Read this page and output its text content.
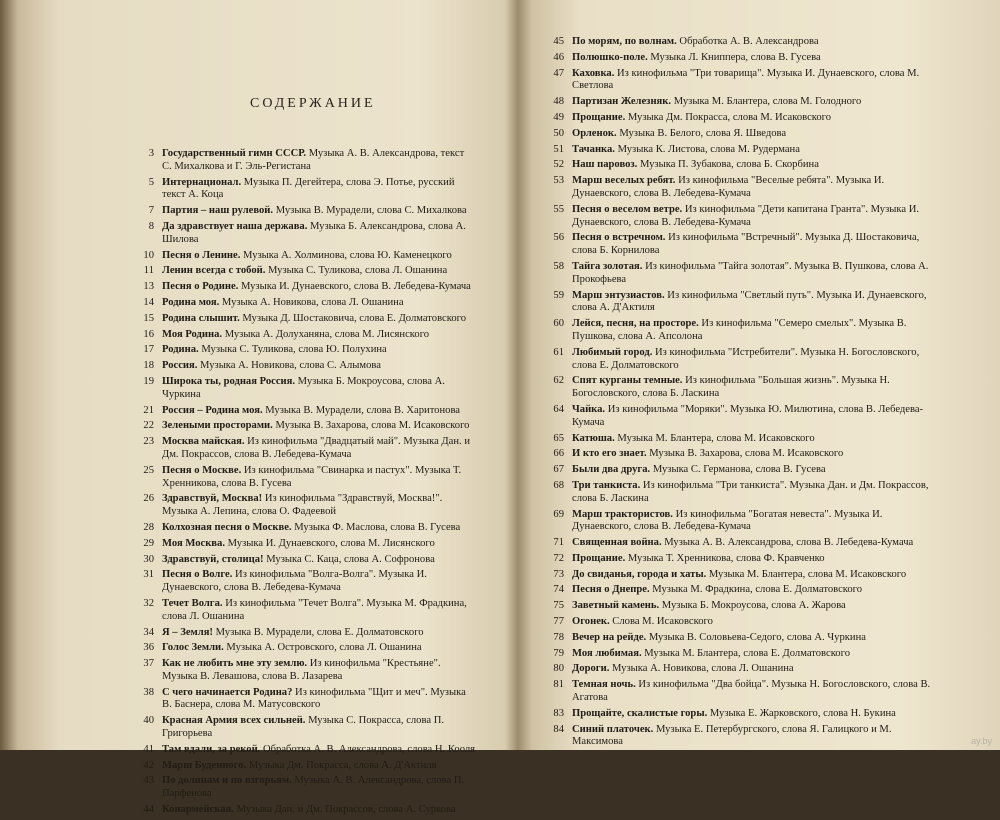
СОДЕРЖАНИЕ
3 Государственный гимн СССР. Музыка А. В. Александрова, текст С. Михалкова и Г. Эль-Регистана
5 Интернационал. Музыка П. Дегейтера, слова Э. Потье, русский текст А. Коца
7 Партия – наш рулевой. Музыка В. Мурадели, слова С. Михалкова
8 Да здравствует наша держава. Музыка Б. Александрова, слова А. Шилова
10 Песня о Ленине. Музыка А. Холминова, слова Ю. Каменецкого
11 Ленин всегда с тобой. Музыка С. Туликова, слова Л. Ошанина
13 Песня о Родине. Музыка И. Дунаевского, слова В. Лебедева-Кумача
14 Родина моя. Музыка А. Новикова, слова Л. Ошанина
15 Родина слышит. Музыка Д. Шостаковича, слова Е. Долматовского
16 Моя Родина. Музыка А. Долуханяна, слова М. Лисянского
17 Родина. Музыка С. Туликова, слова Ю. Полухина
18 Россия. Музыка А. Новикова, слова С. Алымова
19 Широка ты, родная Россия. Музыка Б. Мокроусова, слова А. Чуркина
21 Россия – Родина моя. Музыка В. Мурадели, слова В. Харитонова
22 Зелеными просторами. Музыка В. Захарова, слова М. Исаковского
23 Москва майская. Из кинофильма "Двадцатый май". Музыка Дан. и Дм. Покрассов, слова В. Лебедева-Кумача
25 Песня о Москве. Из кинофильма "Свинарка и пастух". Музыка Т. Хренникова, слова В. Гусева
26 Здравствуй, Москва! Из кинофильма "Здравствуй, Москва!". Музыка А. Лепина, слова О. Фадеевой
28 Колхозная песня о Москве. Музыка Ф. Маслова, слова В. Гусева
29 Моя Москва. Музыка И. Дунаевского, слова М. Лисянского
30 Здравствуй, столица! Музыка С. Каца, слова А. Софронова
31 Песня о Волге. Из кинофильма "Волга-Волга". Музыка И. Дунаевского, слова В. Лебедева-Кумача
32 Течет Волга. Из кинофильма "Течет Волга". Музыка М. Фрадкина, слова Л. Ошанина
34 Я – Земля! Музыка В. Мурадели, слова Е. Долматовского
36 Голос Земли. Музыка А. Островского, слова Л. Ошанина
37 Как не любить мне эту землю. Из кинофильма "Крестьяне". Музыка В. Левашова, слова В. Лазарева
38 С чего начинается Родина? Из кинофильма "Щит и меч". Музыка В. Баснера, слова М. Матусовского
40 Красная Армия всех сильней. Музыка С. Покрасса, слова П. Григорьева
41 Там вдали, за рекой. Обработка А. В. Александрова, слова Н. Кооля
42 Марш Буденного. Музыка Дм. Покрасса, слова А. Д'Актиля
43 По долинам и по взгорьям. Музыка А. В. Александрова, слова П. Парфенова
44 Конармейская. Музыка Дан. и Дм. Покрассов, слова А. Суркова
45 По морям, по волнам. Обработка А. В. Александрова
46 Полюшко-поле. Музыка Л. Книппера, слова В. Гусева
47 Каховка. Из кинофильма "Три товарища". Музыка И. Дунаевского, слова М. Светлова
48 Партизан Железняк. Музыка М. Блантера, слова М. Голодного
49 Прощание. Музыка Дм. Покрасса, слова М. Исаковского
50 Орленок. Музыка В. Белого, слова Я. Шведова
51 Тачанка. Музыка К. Листова, слова М. Рудермана
52 Наш паровоз. Музыка П. Зубакова, слова Б. Скорбина
53 Марш веселых ребят. Из кинофильма "Веселые ребята". Музыка И. Дунаевского, слова В. Лебедева-Кумача
55 Песня о веселом ветре. Из кинофильма "Дети капитана Гранта". Музыка И. Дунаевского, слова В. Лебедева-Кумача
56 Песня о встречном. Из кинофильма "Встречный". Музыка Д. Шостаковича, слова Б. Корнилова
58 Тайга золотая. Из кинофильма "Тайга золотая". Музыка В. Пушкова, слова А. Прокофьева
59 Марш энтузиастов. Из кинофильма "Светлый путь". Музыка И. Дунаевского, слова А. Д'Актиля
60 Лейся, песня, на просторе. Из кинофильма "Семеро смелых". Музыка В. Пушкова, слова А. Апсолона
61 Любимый город. Из кинофильма "Истребители". Музыка Н. Богословского, слова Е. Долматовского
62 Спят курганы темные. Из кинофильма "Большая жизнь". Музыка Н. Богословского, слова Б. Ласкина
64 Чайка. Из кинофильма "Моряки". Музыка Ю. Милютина, слова В. Лебедева-Кумача
65 Катюша. Музыка М. Блантера, слова М. Исаковского
66 И кто его знает. Музыка В. Захарова, слова М. Исаковского
67 Были два друга. Музыка С. Германова, слова В. Гусева
68 Три танкиста. Из кинофильма "Три танкиста". Музыка Дан. и Дм. Покрассов, слова Б. Ласкина
69 Марш трактористов. Из кинофильма "Богатая невеста". Музыка И. Дунаевского, слова В. Лебедева-Кумача
71 Священная война. Музыка А. В. Александрова, слова В. Лебедева-Кумача
72 Прощание. Музыка Т. Хренникова, слова Ф. Кравченко
73 До свиданья, города и хаты. Музыка М. Блантера, слова М. Исаковского
74 Песня о Днепре. Музыка М. Фрадкина, слова Е. Долматовского
75 Заветный камень. Музыка Б. Мокроусова, слова А. Жарова
77 Огонек. Слова М. Исаковского
78 Вечер на рейде. Музыка В. Соловьева-Седого, слова А. Чуркина
79 Моя любимая. Музыка М. Блантера, слова Е. Долматовского
80 Дороги. Музыка А. Новикова, слова Л. Ошанина
81 Темная ночь. Из кинофильма "Два бойца". Музыка Н. Богословского, слова В. Агатова
83 Прощайте, скалистые горы. Музыка Е. Жарковского, слова Н. Букина
84 Синий платочек. Музыка Е. Петербургского, слова Я. Галицкого и М. Максимова	ay.by
